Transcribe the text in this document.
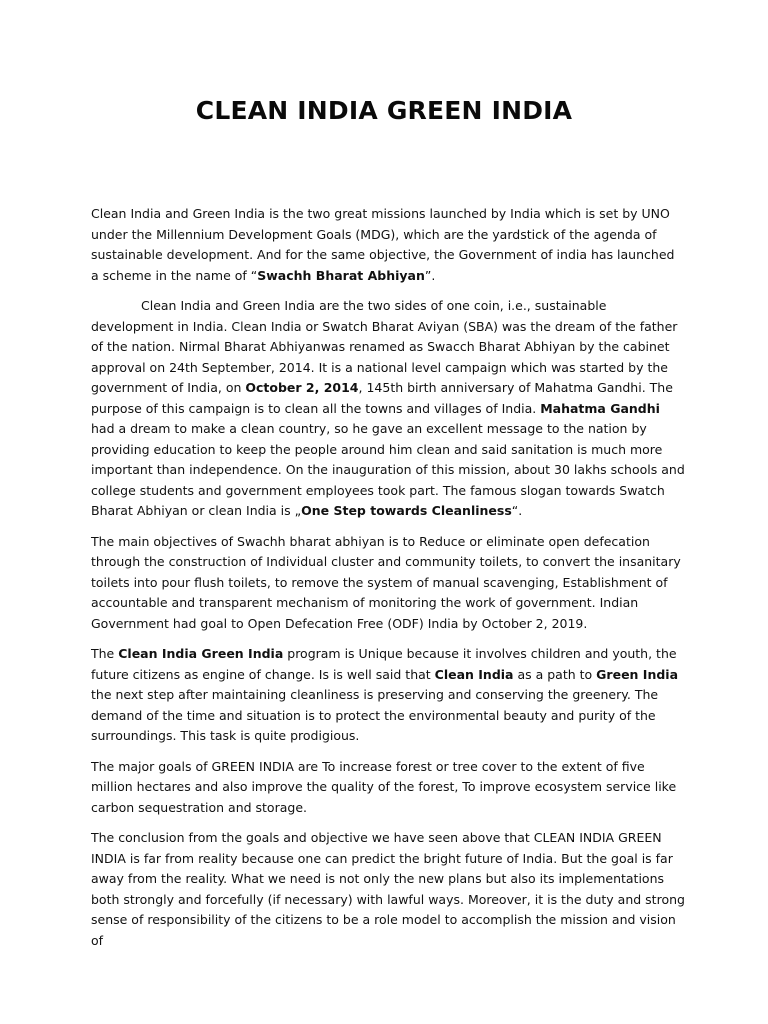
CLEAN INDIA GREEN INDIA

Clean India and Green India is the two great missions launched by India which is set by UNO under the Millennium Development Goals (MDG), which are the yardstick of the agenda of sustainable development. And for the same objective, the Government of india has launched a scheme in the name of “Swachh Bharat Abhiyan”.

Clean India and Green India are the two sides of one coin, i.e., sustainable development in India. Clean India or Swatch Bharat Aviyan (SBA) was the dream of the father of the nation. Nirmal Bharat Abhiyanwas renamed as Swacch Bharat Abhiyan by the cabinet approval on 24th September, 2014. It is a national level campaign which was started by the government of India, on October 2, 2014, 145th birth anniversary of Mahatma Gandhi. The purpose of this campaign is to clean all the towns and villages of India. Mahatma Gandhi had a dream to make a clean country, so he gave an excellent message to the nation by providing education to keep the people around him clean and said sanitation is much more important than independence. On the inauguration of this mission, about 30 lakhs schools and college students and government employees took part. The famous slogan towards Swatch Bharat Abhiyan or clean India is „One Step towards Cleanliness“.

The main objectives of Swachh bharat abhiyan is to Reduce or eliminate open defecation through the construction of Individual cluster and community toilets, to convert the insanitary toilets into pour flush toilets, to remove the system of manual scavenging, Establishment of accountable and transparent mechanism of monitoring the work of government. Indian Government had goal to Open Defecation Free (ODF) India by October 2, 2019.

The Clean India Green India program is Unique because it involves children and youth, the future citizens as engine of change. Is is well said that Clean India as a path to Green India the next step after maintaining cleanliness is preserving and conserving the greenery. The demand of the time and situation is to protect the environmental beauty and purity of the surroundings. This task is quite prodigious.

The major goals of GREEN INDIA are To increase forest or tree cover to the extent of five million hectares and also improve the quality of the forest, To improve ecosystem service like carbon sequestration and storage.

The conclusion from the goals and objective we have seen above that CLEAN INDIA GREEN INDIA is far from reality because one can predict the bright future of India. But the goal is far away from the reality. What we need is not only the new plans but also its implementations both strongly and forcefully (if necessary) with lawful ways. Moreover, it is the duty and strong sense of responsibility of the citizens to be a role model to accomplish the mission and vision of
